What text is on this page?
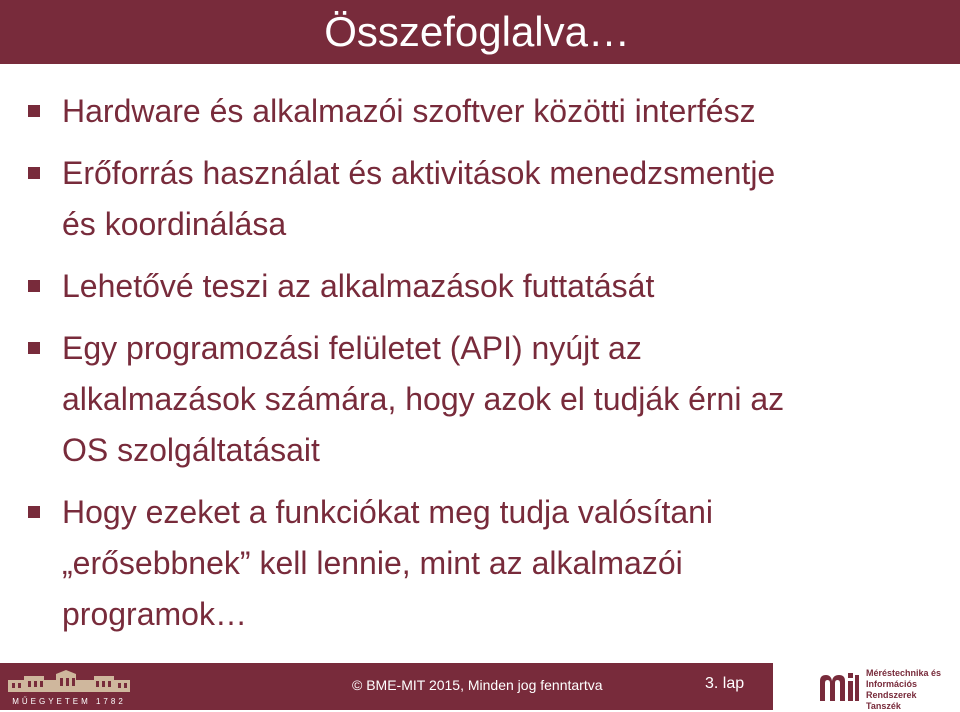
Összefoglalva…
Hardware és alkalmazói szoftver közötti interfész
Erőforrás használat és aktivitások menedzsmentje
és koordinálása
Lehetővé teszi az alkalmazások futtatását
Egy programozási felületet (API) nyújt az
alkalmazások számára, hogy azok el tudják érni az
OS szolgáltatásait
Hogy ezeket a funkciókat meg tudja valósítani
„erősebbnek” kell lennie, mint az alkalmazói
programok…
MŰEGYETEM 1782
© BME-MIT 2015, Minden jog fenntartva	3. lap
Méréstechnika és
Információs Rendszerek
Tanszék
